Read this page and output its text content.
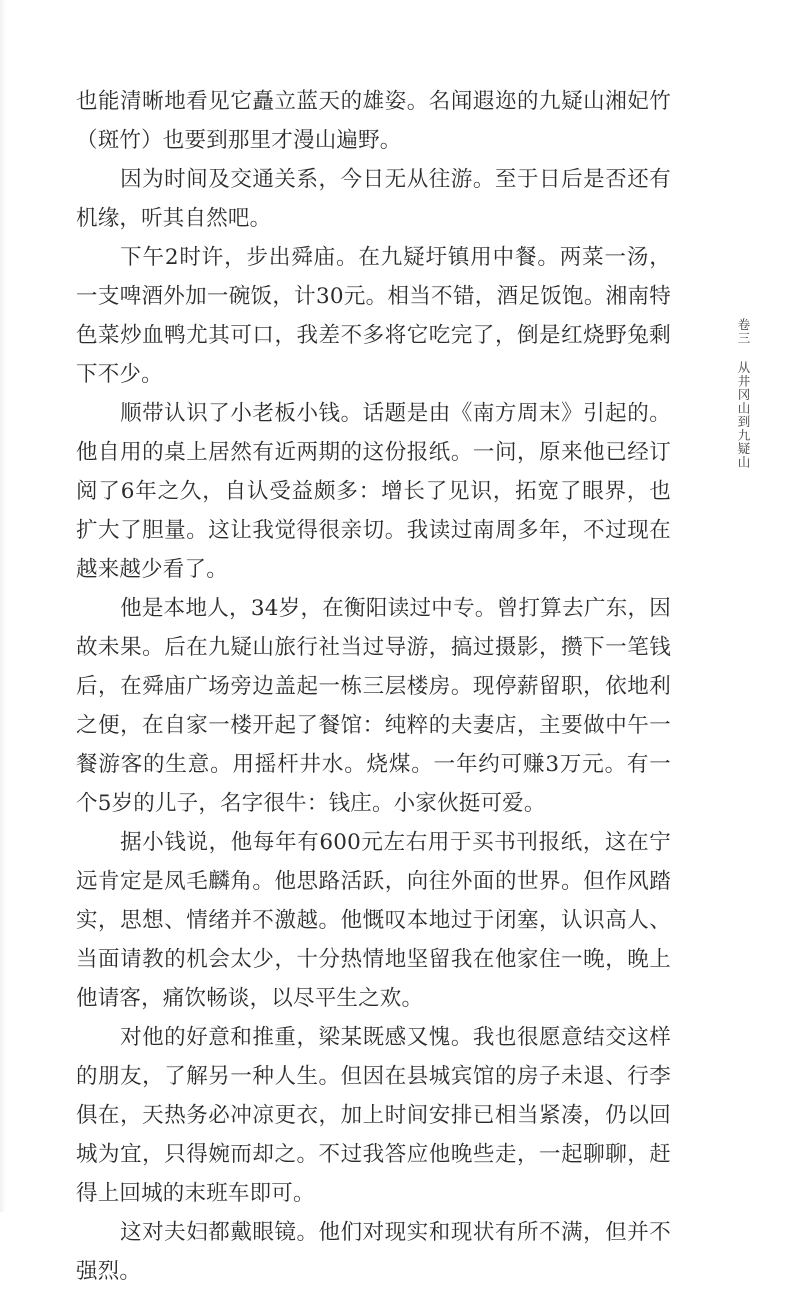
也能清晰地看见它矗立蓝天的雄姿。名闻遐迩的九疑山湘妃竹（斑竹）也要到那里才漫山遍野。

因为时间及交通关系，今日无从往游。至于日后是否还有机缘，听其自然吧。

下午2时许，步出舜庙。在九疑圩镇用中餐。两菜一汤，一支啤酒外加一碗饭，计30元。相当不错，酒足饭饱。湘南特色菜炒血鸭尤其可口，我差不多将它吃完了，倒是红烧野兔剩下不少。

顺带认识了小老板小钱。话题是由《南方周末》引起的。他自用的桌上居然有近两期的这份报纸。一问，原来他已经订阅了6年之久，自认受益颇多：增长了见识，拓宽了眼界，也扩大了胆量。这让我觉得很亲切。我读过南周多年，不过现在越来越少看了。

他是本地人，34岁，在衡阳读过中专。曾打算去广东，因故未果。后在九疑山旅行社当过导游，搞过摄影，攒下一笔钱后，在舜庙广场旁边盖起一栋三层楼房。现停薪留职，依地利之便，在自家一楼开起了餐馆：纯粹的夫妻店，主要做中午一餐游客的生意。用摇杆井水。烧煤。一年约可赚3万元。有一个5岁的儿子，名字很牛：钱庄。小家伙挺可爱。

据小钱说，他每年有600元左右用于买书刊报纸，这在宁远肯定是凤毛麟角。他思路活跃，向往外面的世界。但作风踏实，思想、情绪并不激越。他慨叹本地过于闭塞，认识高人、当面请教的机会太少，十分热情地坚留我在他家住一晚，晚上他请客，痛饮畅谈，以尽平生之欢。

对他的好意和推重，梁某既感又愧。我也很愿意结交这样的朋友，了解另一种人生。但因在县城宾馆的房子未退、行李俱在，天热务必冲凉更衣，加上时间安排已相当紧凑，仍以回城为宜，只得婉而却之。不过我答应他晚些走，一起聊聊，赶得上回城的末班车即可。

这对夫妇都戴眼镜。他们对现实和现状有所不满，但并不强烈。

卷三从井冈山到九疑山
